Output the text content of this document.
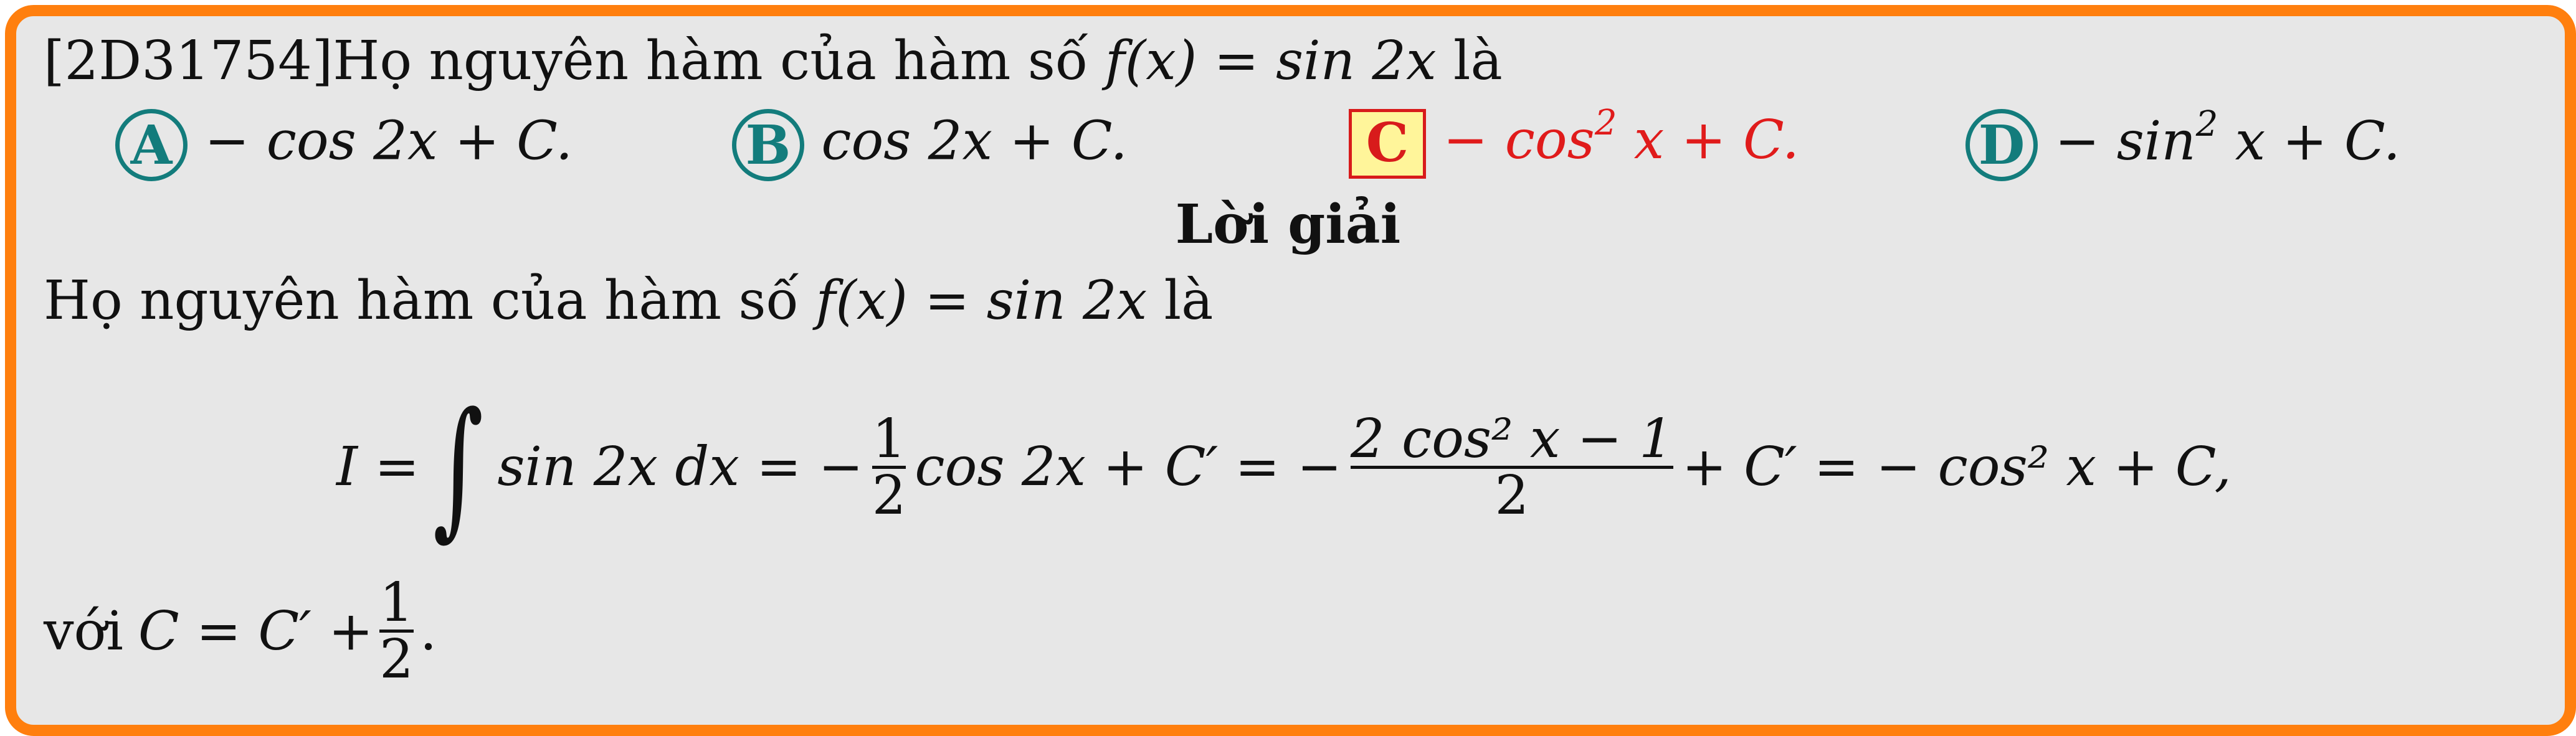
[2D31754]Họ nguyên hàm của hàm số f(x) = sin 2x là
A − cos 2x + C.	B cos 2x + C.	$C - \cos^2 x + C$.	$D - \sin^2 x + C$.
Lời giải
Họ nguyên hàm của hàm số f(x) = sin 2x là
I = ∫ sin 2x dx = − $\frac{1}{2}$ cos 2x + C′ = − $\frac{\text{2 cos² x − 1}}{2} + C'$ = − cos² x + C,
với $C = C' + \frac{1}{2}$ .
